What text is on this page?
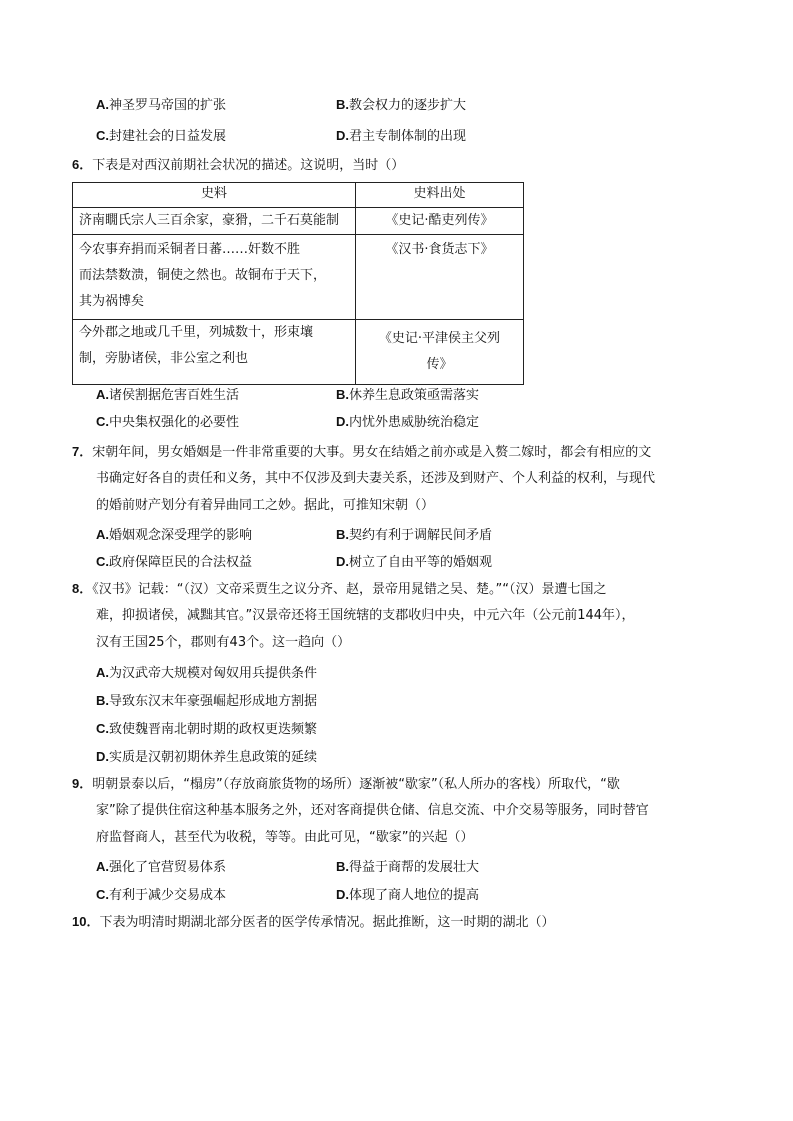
A.神圣罗马帝国的扩张	B.教会权力的逐步扩大
C.封建社会的日益发展	D.君主专制体制的出现
6．下表是对西汉前期社会状况的描述。这说明，当时（）
史料	史料出处

济南瞯氏宗人三百余家，豪猾，二千石莫能制	《史记·酷吏列传》

今农事弃捐而采铜者日蕃……奸数不胜
而法禁数溃，铜使之然也。故铜布于天下，
其为祸博矣	《汉书·食货志下》

今外郡之地或几千里，列城数十，形束壤
制，旁胁诸侯，非公室之利也	《史记·平津侯主父列
传》
A.诸侯割据危害百姓生活	B.休养生息政策亟需落实
C.中央集权强化的必要性	D.内忧外患威胁统治稳定
7．宋朝年间，男女婚姻是一件非常重要的大事。男女在结婚之前亦或是入赘二嫁时，都会有相应的文
书确定好各自的责任和义务，其中不仅涉及到夫妻关系，还涉及到财产、个人利益的权利，与现代
的婚前财产划分有着异曲同工之妙。据此，可推知宋朝（）
A.婚姻观念深受理学的影响	B.契约有利于调解民间矛盾
C.政府保障臣民的合法权益	D.树立了自由平等的婚姻观
8．《汉书》记载：“（汉）文帝采贾生之议分齐、赵，景帝用晁错之吴、楚。”“（汉）景遭七国之
难，抑损诸侯，减黜其官。”汉景帝还将王国统辖的支郡收归中央，中元六年（公元前144年），
汉有王国25个，郡则有43个。这一趋向（）
A.为汉武帝大规模对匈奴用兵提供条件
B.导致东汉末年豪强崛起形成地方割据
C.致使魏晋南北朝时期的政权更迭频繁
D.实质是汉朝初期休养生息政策的延续
9．明朝景泰以后，“榻房”（存放商旅货物的场所）逐渐被“歇家”（私人所办的客栈）所取代，“歇
家”除了提供住宿这种基本服务之外，还对客商提供仓储、信息交流、中介交易等服务，同时替官
府监督商人，甚至代为收税，等等。由此可见，“歇家”的兴起（）
A.强化了官营贸易体系	B.得益于商帮的发展壮大
C.有利于减少交易成本	D.体现了商人地位的提高
10．下表为明清时期湖北部分医者的医学传承情况。据此推断，这一时期的湖北（）
